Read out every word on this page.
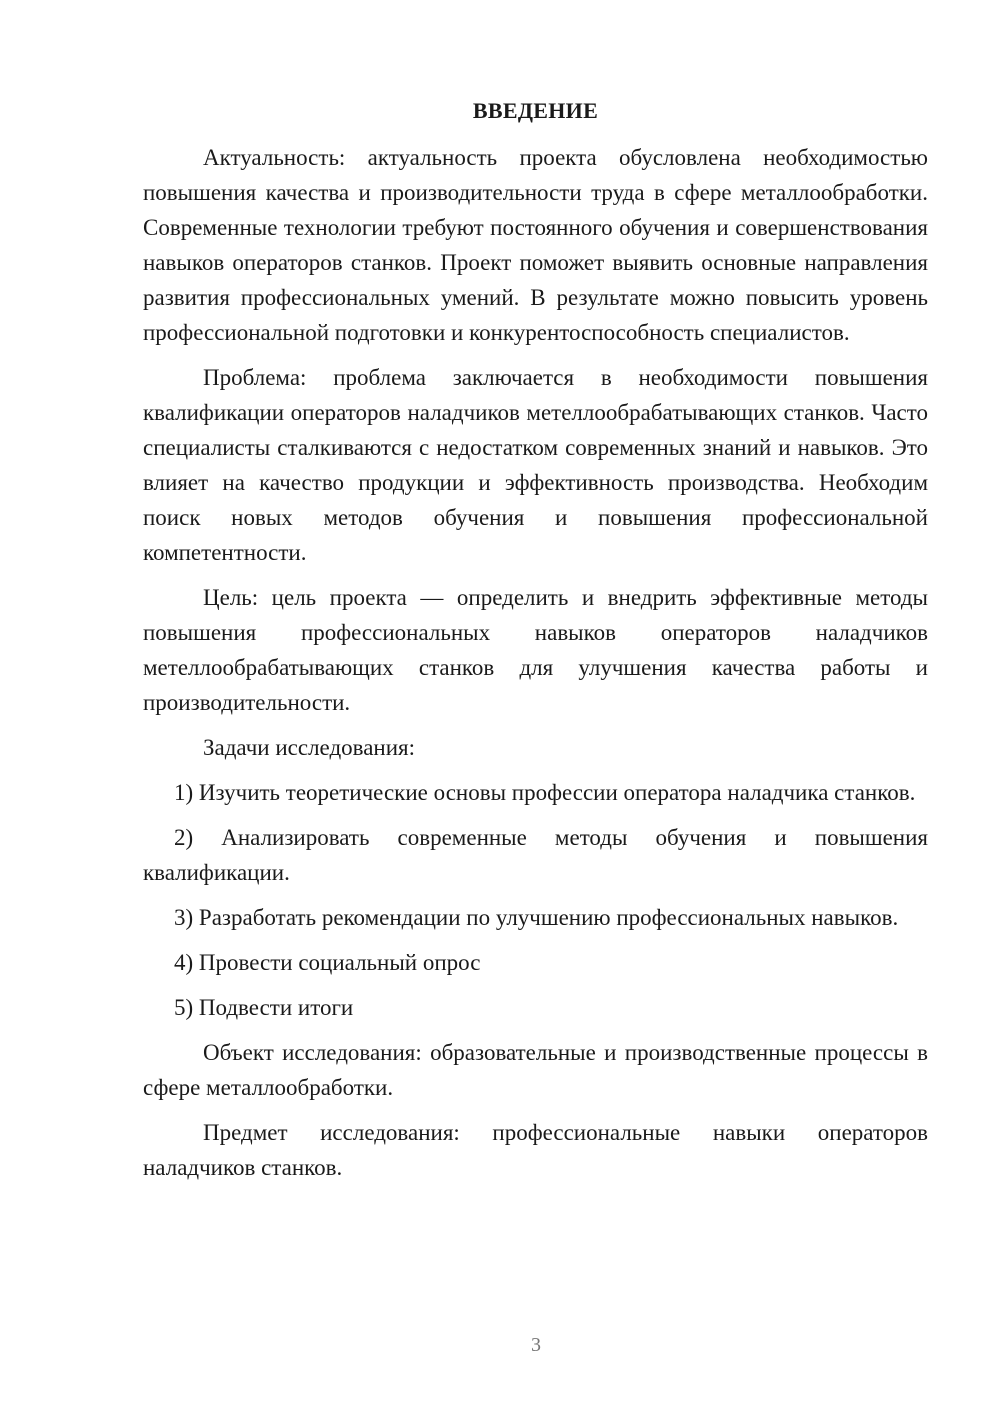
ВВЕДЕНИЕ

Актуальность: актуальность проекта обусловлена необходимостью повышения качества и производительности труда в сфере металлообработки. Современные технологии требуют постоянного обучения и совершенствования навыков операторов станков. Проект поможет выявить основные направления развития профессиональных умений. В результате можно повысить уровень профессиональной подготовки и конкурентоспособность специалистов.

Проблема: проблема заключается в необходимости повышения квалификации операторов наладчиков метеллообрабатывающих станков. Часто специалисты сталкиваются с недостатком современных знаний и навыков. Это влияет на качество продукции и эффективность производства. Необходим поиск новых методов обучения и повышения профессиональной компетентности.

Цель: цель проекта — определить и внедрить эффективные методы повышения профессиональных навыков операторов наладчиков метеллообрабатывающих станков для улучшения качества работы и производительности.

Задачи исследования:

1) Изучить теоретические основы профессии оператора наладчика станков.

2) Анализировать современные методы обучения и повышения квалификации.

3) Разработать рекомендации по улучшению профессиональных навыков.

4) Провести социальный опрос

5) Подвести итоги

Объект исследования: образовательные и производственные процессы в сфере металлообработки.

Предмет исследования: профессиональные навыки операторов наладчиков станков.

3
